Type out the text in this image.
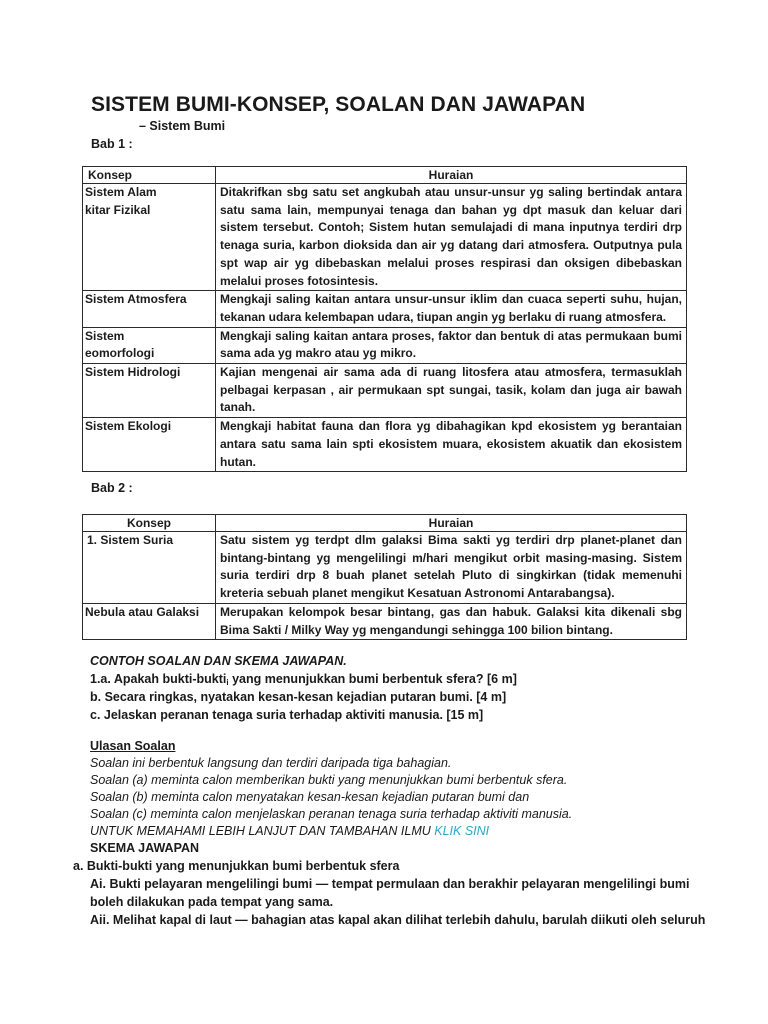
SISTEM BUMI-KONSEP, SOALAN DAN JAWAPAN
– Sistem Bumi
Bab 1 :
Konsep	Huraian
Sistem Alam
kitar Fizikal	Ditakrifkan sbg satu set angkubah atau unsur-unsur yg saling bertindak antara satu sama lain, mempunyai tenaga dan bahan yg dpt masuk dan keluar dari sistem tersebut. Contoh; Sistem hutan semulajadi di mana inputnya terdiri drp tenaga suria, karbon dioksida dan air yg datang dari atmosfera. Outputnya pula spt wap air yg dibebaskan melalui proses respirasi dan oksigen dibebaskan melalui proses fotosintesis.
Sistem Atmosfera	Mengkaji saling kaitan antara unsur-unsur iklim dan cuaca seperti suhu, hujan, tekanan udara kelembapan udara, tiupan angin yg berlaku di ruang atmosfera.
Sistem
eomorfologi	Mengkaji saling kaitan antara proses, faktor dan bentuk di atas permukaan bumi sama ada yg makro atau yg mikro.
Sistem Hidrologi	Kajian mengenai air sama ada di ruang litosfera atau atmosfera, termasuklah pelbagai kerpasan , air permukaan spt sungai, tasik, kolam dan juga air bawah tanah.
Sistem Ekologi	Mengkaji habitat fauna dan flora yg dibahagikan kpd ekosistem yg berantaian antara satu sama lain spti ekosistem muara, ekosistem akuatik dan ekosistem hutan.
Bab 2 :
Konsep	Huraian
1. Sistem Suria	Satu sistem yg terdpt dlm galaksi Bima sakti yg terdiri drp planet-planet dan bintang-bintang yg mengelilingi m/hari mengikut orbit masing-masing. Sistem suria terdiri drp 8 buah planet setelah Pluto di singkirkan (tidak memenuhi kreteria sebuah planet mengikut Kesatuan Astronomi Antarabangsa).
Nebula atau Galaksi	Merupakan kelompok besar bintang, gas dan habuk. Galaksi kita dikenali sbg Bima Sakti / Milky Way yg mengandungi sehingga 100 bilion bintang.
CONTOH SOALAN DAN SKEMA JAWAPAN.
1.a. Apakah bukti-bukti$_i$ yang menunjukkan bumi berbentuk sfera? [6 m]
b. Secara ringkas, nyatakan kesan-kesan kejadian putaran bumi. [4 m]
c. Jelaskan peranan tenaga suria terhadap aktiviti manusia. [15 m]
Ulasan Soalan
Soalan ini berbentuk langsung dan terdiri daripada tiga bahagian.
Soalan (a) meminta calon memberikan bukti yang menunjukkan bumi berbentuk sfera.
Soalan (b) meminta calon menyatakan kesan-kesan kejadian putaran bumi dan
Soalan (c) meminta calon menjelaskan peranan tenaga suria terhadap aktiviti manusia.
UNTUK MEMAHAMI LEBIH LANJUT DAN TAMBAHAN ILMU KLIK SINI
SKEMA JAWAPAN
a. Bukti-bukti yang menunjukkan bumi berbentuk sfera
Ai. Bukti pelayaran mengelilingi bumi — tempat permulaan dan berakhir pelayaran mengelilingi bumi
boleh dilakukan pada tempat yang sama.
Aii. Melihat kapal di laut — bahagian atas kapal akan dilihat terlebih dahulu, barulah diikuti oleh seluruh
